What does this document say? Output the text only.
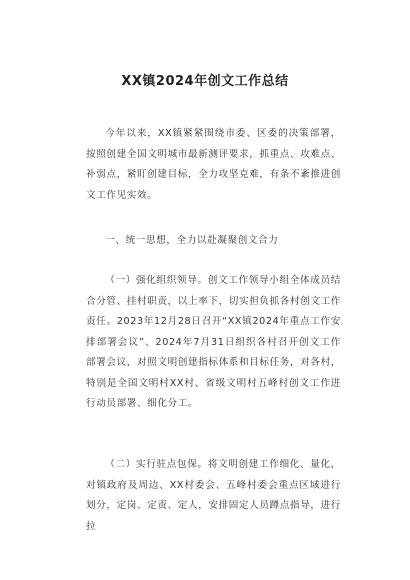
XX镇2024年创文工作总结
今年以来，XX镇紧紧围绕市委、区委的决策部署，按照创建全国文明城市最新测评要求，抓重点、攻难点、补弱点，紧盯创建目标，全力攻坚克难，有条不紊推进创文工作见实效。
一、统一思想，全力以赴凝聚创文合力
（一）强化组织领导。创文工作领导小组全体成员结合分管、挂村职责，以上率下，切实担负抓各村创文工作责任。2023年12月28日召开“XX镇2024年重点工作安排部署会议”、2024年7月31日组织各村召开创文工作部署会议，对照文明创建指标体系和目标任务，对各村，特别是全国文明村XX村、省级文明村五峰村创文工作进行动员部署、细化分工。
（二）实行驻点包保。将文明创建工作细化、量化，对镇政府及周边、XX村委会、五峰村委会重点区域进行划分，定岗、定责、定人，安排固定人员蹲点指导，进行拉
